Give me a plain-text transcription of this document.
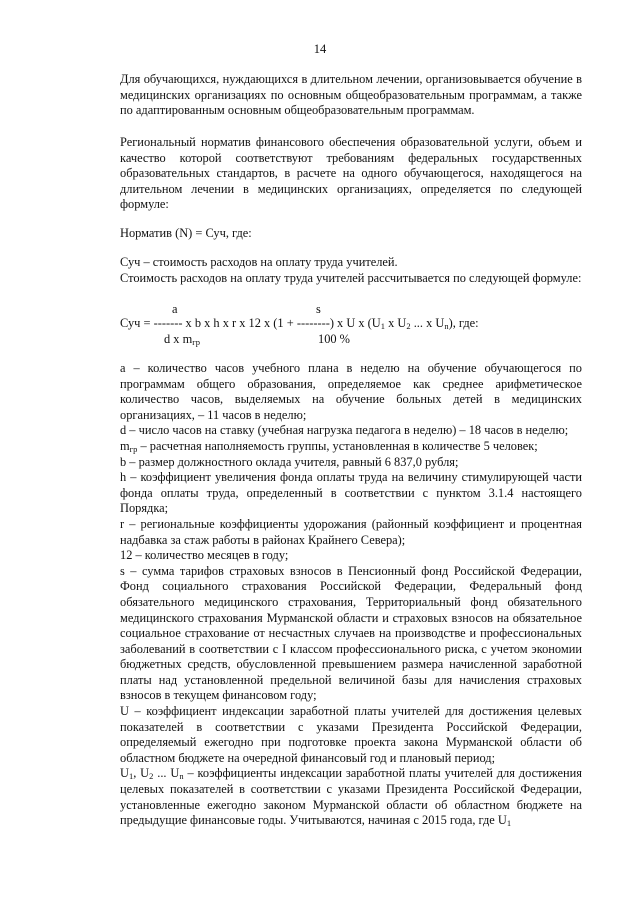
14

Для обучающихся, нуждающихся в длительном лечении, организовывается обучение в медицинских организациях по основным общеобразовательным программам, а также по адаптированным основным общеобразовательным программам.

Региональный норматив финансового обеспечения образовательной услуги, объем и качество которой соответствуют требованиям федеральных государственных образовательных стандартов, в расчете на одного обучающегося, находящегося на длительном лечении в медицинских организациях, определяется по следующей формуле:

Норматив (N) = Суч, где:

Суч – стоимость расходов на оплату труда учителей.

Стоимость расходов на оплату труда учителей рассчитывается по следующей формуле:

a	s
Суч = ------- x b x h x r x 12 x (1 + --------) x U x ($U_1$ x $U_2$ ... x $U_n$), где:
d x $m_{гр}$	100 %

a – количество часов учебного плана в неделю на обучение обучающегося по программам общего образования, определяемое как среднее арифметическое количество часов, выделяемых на обучение больных детей в медицинских организациях, – 11 часов в неделю;

d – число часов на ставку (учебная нагрузка педагога в неделю) – 18 часов в неделю;

$m_{гр}$ – расчетная наполняемость группы, установленная в количестве 5 человек;

b – размер должностного оклада учителя, равный 6 837,0 рубля;

h – коэффициент увеличения фонда оплаты труда на величину стимулирующей части фонда оплаты труда, определенный в соответствии с пунктом 3.1.4 настоящего Порядка;

r – региональные коэффициенты удорожания (районный коэффициент и процентная надбавка за стаж работы в районах Крайнего Севера);

12 – количество месяцев в году;

s – сумма тарифов страховых взносов в Пенсионный фонд Российской Федерации, Фонд социального страхования Российской Федерации, Федеральный фонд обязательного медицинского страхования, Территориальный фонд обязательного медицинского страхования Мурманской области и страховых взносов на обязательное социальное страхование от несчастных случаев на производстве и профессиональных заболеваний в соответствии с I классом профессионального риска, с учетом экономии бюджетных средств, обусловленной превышением размера начисленной заработной платы над установленной предельной величиной базы для начисления страховых взносов в текущем финансовом году;

U – коэффициент индексации заработной платы учителей для достижения целевых показателей в соответствии с указами Президента Российской Федерации, определяемый ежегодно при подготовке проекта закона Мурманской области об областном бюджете на очередной финансовый год и плановый период;

$U_1$, $U_2$ ... $U_n$ – коэффициенты индексации заработной платы учителей для достижения целевых показателей в соответствии с указами Президента Российской Федерации, установленные ежегодно законом Мурманской области об областном бюджете на предыдущие финансовые годы. Учитываются, начиная с 2015 года, где $U_1$
